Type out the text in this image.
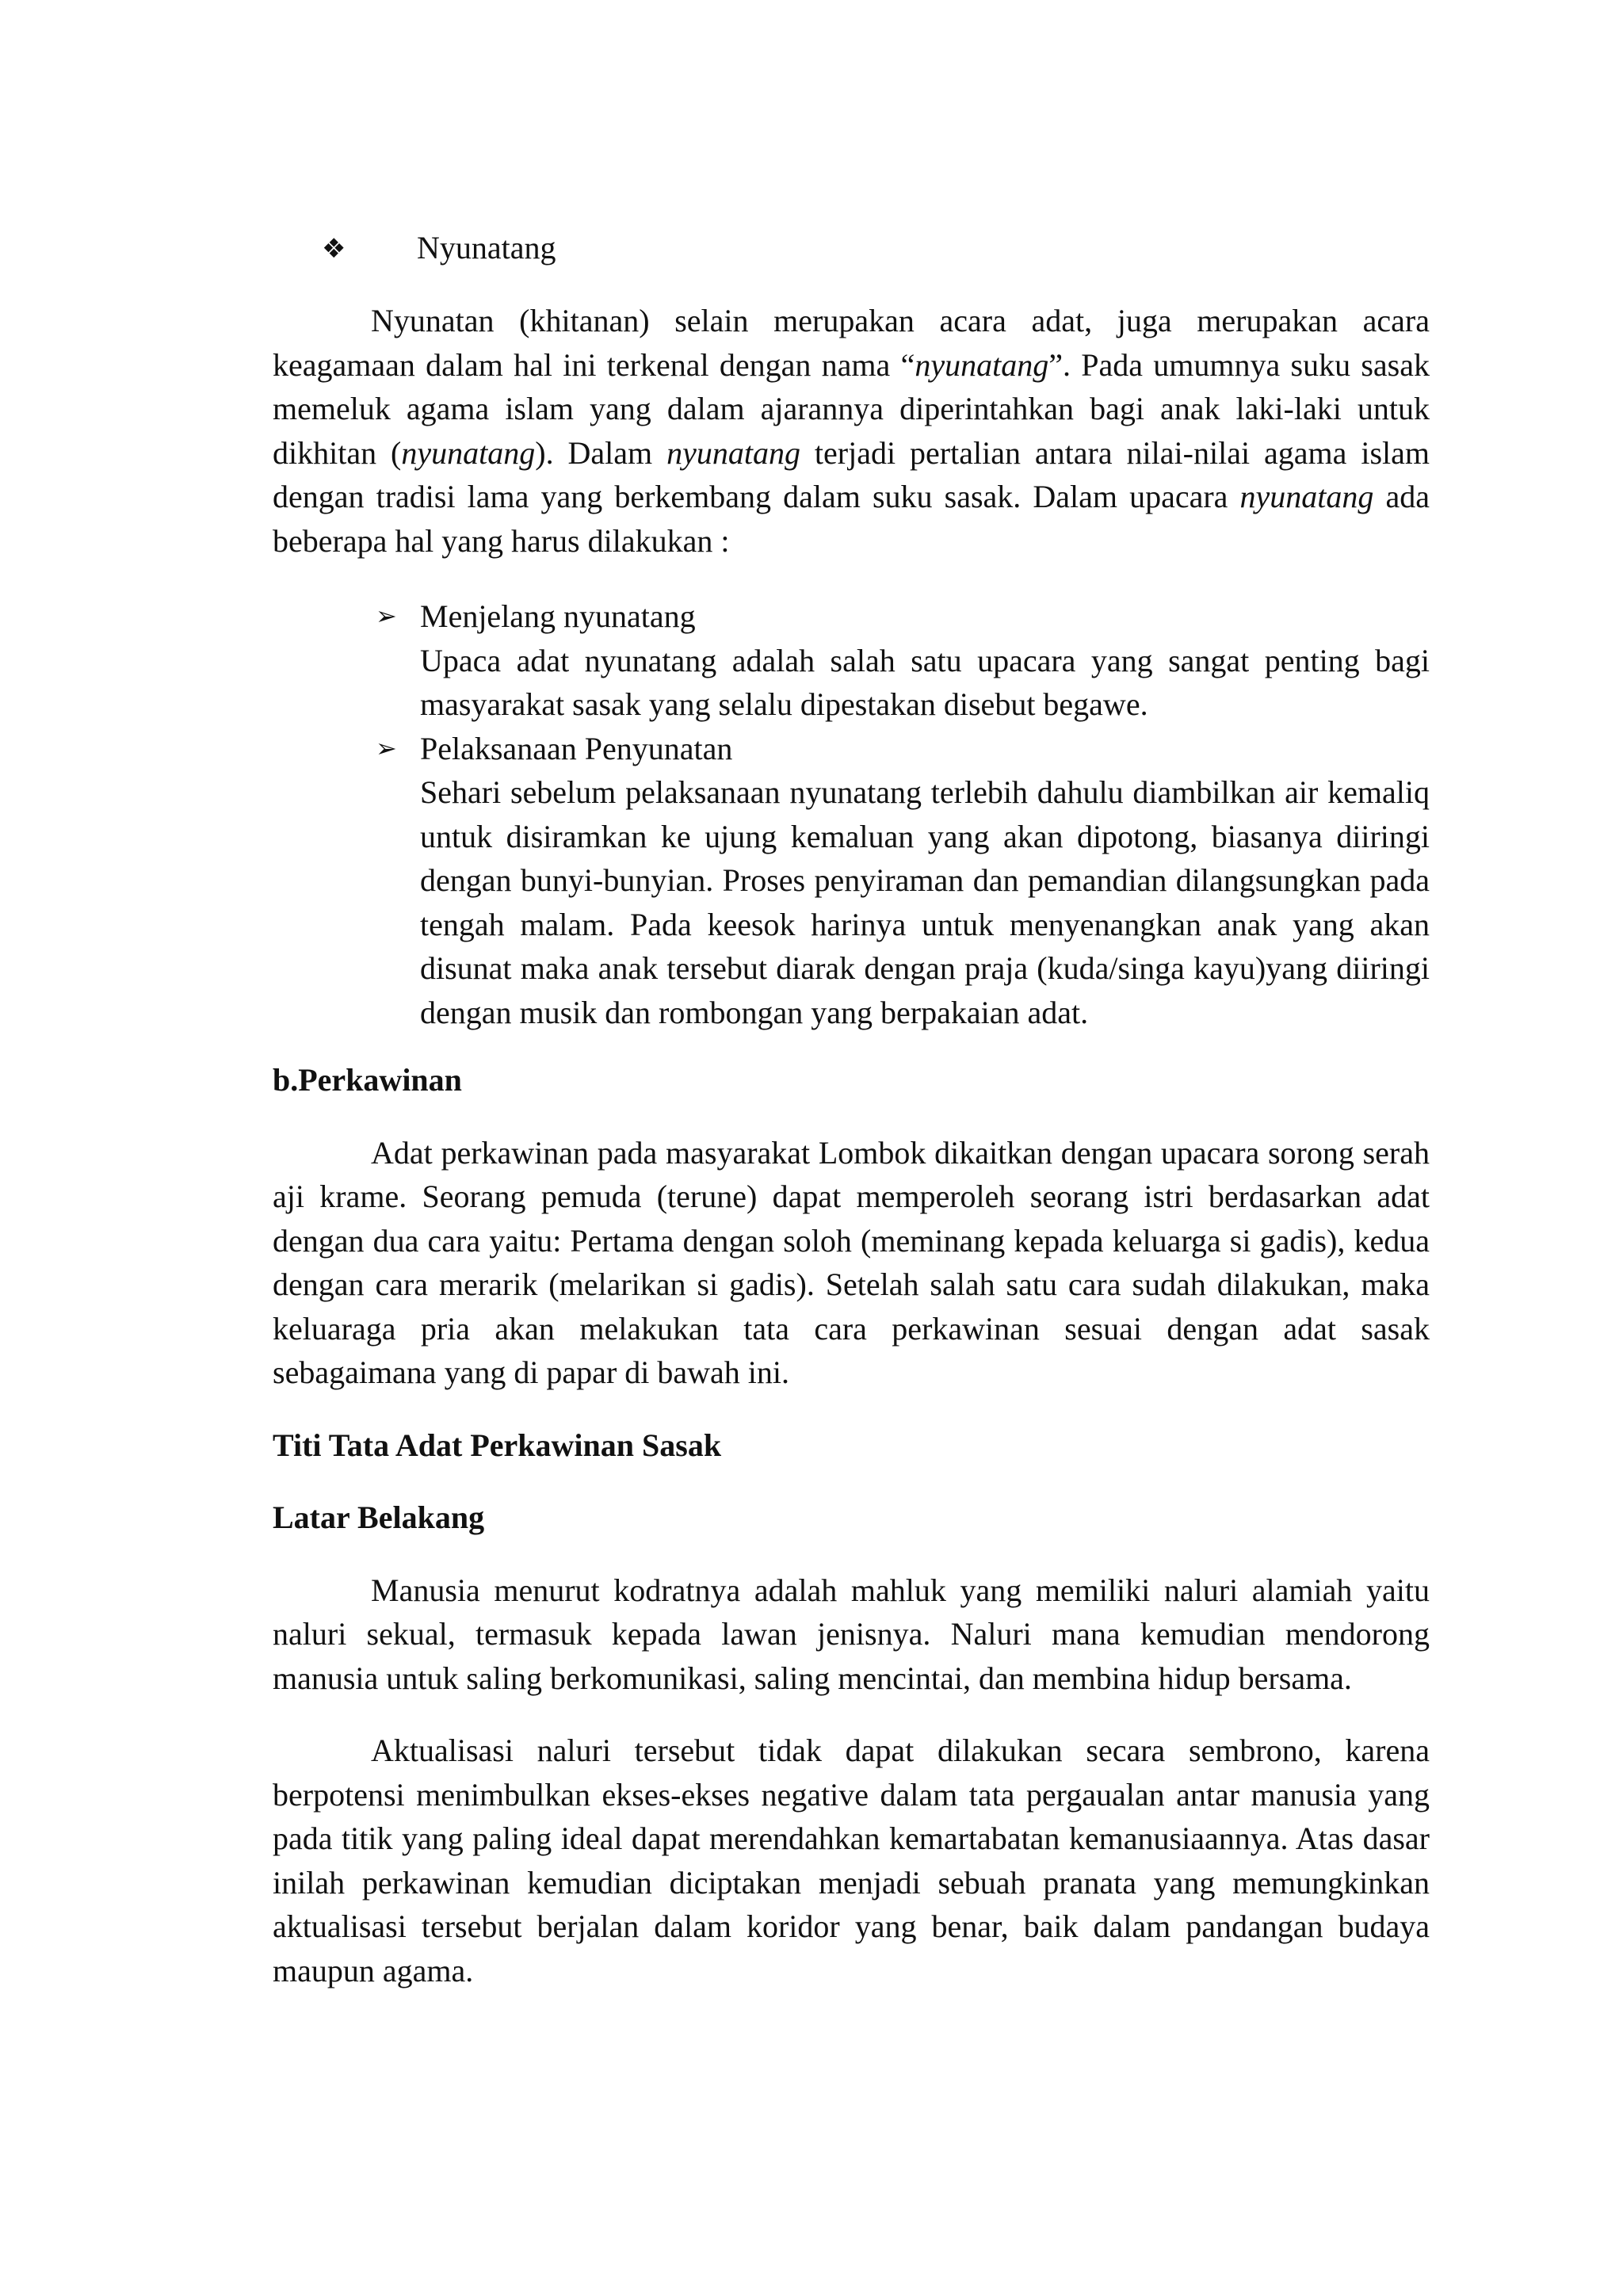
❖ Nyunatang

Nyunatan (khitanan) selain merupakan acara adat, juga merupakan acara keagamaan dalam hal ini terkenal dengan nama “nyunatang”. Pada umumnya suku sasak memeluk agama islam yang dalam ajarannya diperintahkan bagi anak laki-laki untuk dikhitan (nyunatang). Dalam nyunatang terjadi pertalian antara nilai-nilai agama islam dengan tradisi lama yang berkembang dalam suku sasak. Dalam upacara nyunatang ada beberapa hal yang harus dilakukan :

➢ Menjelang nyunatang
Upaca adat nyunatang adalah salah satu upacara yang sangat penting bagi masyarakat sasak yang selalu dipestakan disebut begawe.
➢ Pelaksanaan Penyunatan
Sehari sebelum pelaksanaan nyunatang terlebih dahulu diambilkan air kemaliq untuk disiramkan ke ujung kemaluan yang akan dipotong, biasanya diiringi dengan bunyi-bunyian. Proses penyiraman dan pemandian dilangsungkan pada tengah malam. Pada keesok harinya untuk menyenangkan anak yang akan disunat maka anak tersebut diarak dengan praja (kuda/singa kayu)yang diiringi dengan musik dan rombongan yang berpakaian adat.
b.Perkawinan

Adat perkawinan pada masyarakat Lombok dikaitkan dengan upacara sorong serah aji krame. Seorang pemuda (terune) dapat memperoleh seorang istri berdasarkan adat dengan dua cara yaitu: Pertama dengan soloh (meminang kepada keluarga si gadis), kedua dengan cara merarik (melarikan si gadis). Setelah salah satu cara sudah dilakukan, maka keluaraga pria akan melakukan tata cara perkawinan sesuai dengan adat sasak sebagaimana yang di papar di bawah ini.

Titi Tata Adat Perkawinan Sasak
Latar Belakang

Manusia menurut kodratnya adalah mahluk yang memiliki naluri alamiah yaitu naluri sekual, termasuk kepada lawan jenisnya. Naluri mana kemudian mendorong manusia untuk saling berkomunikasi, saling mencintai, dan membina hidup bersama.

Aktualisasi naluri tersebut tidak dapat dilakukan secara sembrono, karena berpotensi menimbulkan ekses-ekses negative dalam tata pergaualan antar manusia yang pada titik yang paling ideal dapat merendahkan kemartabatan kemanusiaannya. Atas dasar inilah perkawinan kemudian diciptakan menjadi sebuah pranata yang memungkinkan aktualisasi tersebut berjalan dalam koridor yang benar, baik dalam pandangan budaya maupun agama.
